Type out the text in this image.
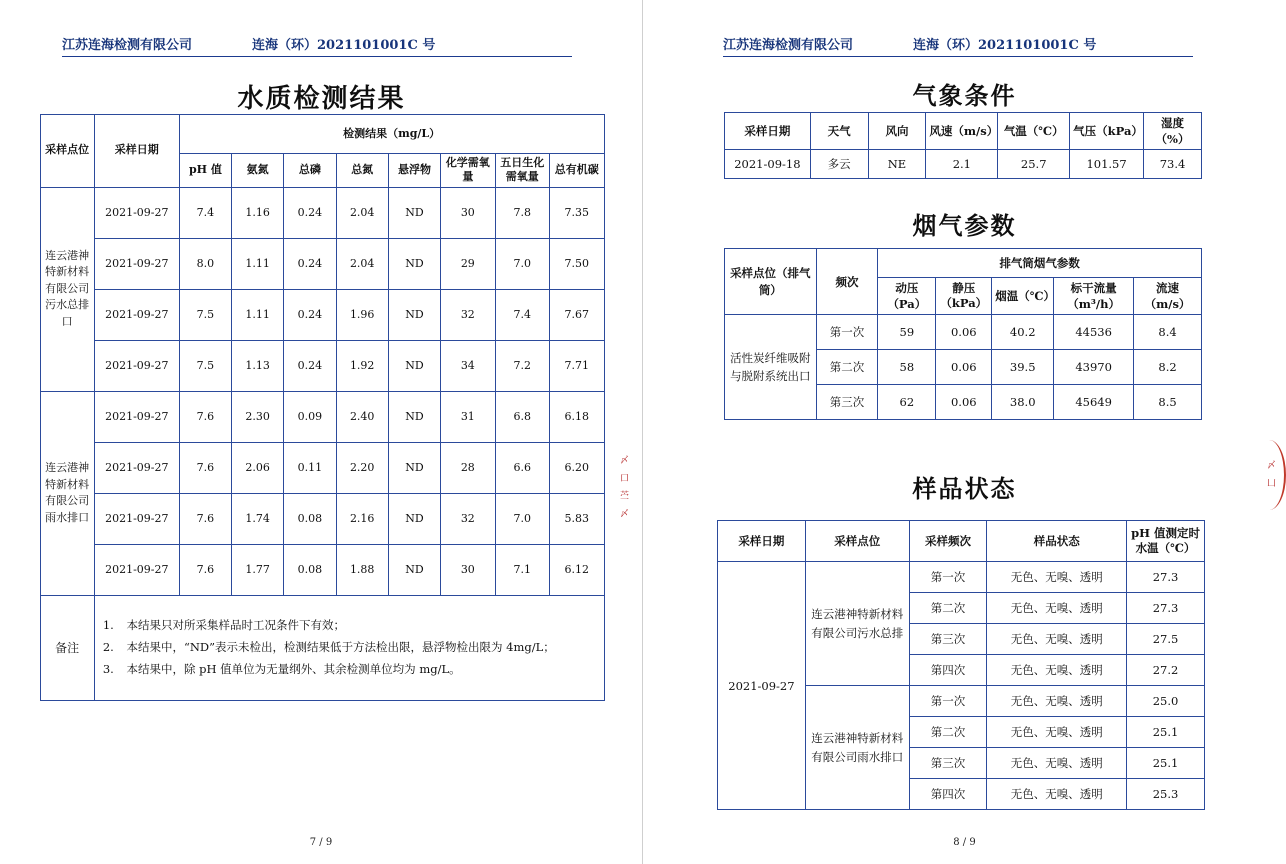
江苏连海检测有限公司	连海（环）2021101001C 号
水质检测结果
采样点位	采样日期	检测结果（mg/L）							
		pH 值	氨氮	总磷	总氮	悬浮物	化学需氧量	五日生化需氧量	总有机碳

连云港神特新材料有限公司污水总排口	2021-09-27	7.4	1.16	0.24	2.04	ND	30	7.8	7.35
	2021-09-27	8.0	1.11	0.24	2.04	ND	29	7.0	7.50
	2021-09-27	7.5	1.11	0.24	1.96	ND	32	7.4	7.67
	2021-09-27	7.5	1.13	0.24	1.92	ND	34	7.2	7.71
连云港神特新材料有限公司雨水排口	2021-09-27	7.6	2.30	0.09	2.40	ND	31	6.8	6.18
	2021-09-27	7.6	2.06	0.11	2.20	ND	28	6.6	6.20
	2021-09-27	7.6	1.74	0.08	2.16	ND	32	7.0	5.83
	2021-09-27	7.6	1.77	0.08	1.88	ND	30	7.1	6.12
备注	1. 本结果只对所采集样品时工况条件下有效；
2. 本结果中，“ND”表示未检出，检测结果低于方法检出限，悬浮物检出限为 4mg/L；
3. 本结果中，除 pH 值单位为无量纲外、其余检测单位均为 mg/L。								
〆 口 苎 〆
7 / 9
江苏连海检测有限公司	连海（环）2021101001C 号
气象条件
采样日期	天气	风向	风速（m/s）	气温（℃）	气压（kPa）	湿度（%）
2021-09-18	多云	NE	2.1	25.7	101.57	73.4
烟气参数
采样点位（排气筒）	频次	排气筒烟气参数				
		动压（Pa）	静压（kPa）	烟温（℃）	标干流量（m³/h）	流速（m/s）
活性炭纤维吸附与脱附系统出口	第一次	59	0.06	40.2	44536	8.4
	第二次	58	0.06	39.5	43970	8.2
	第三次	62	0.06	38.0	45649	8.5
样品状态
采样日期	采样点位	采样频次	样品状态	pH 值测定时水温（℃）
2021-09-27	连云港神特新材料有限公司污水总排	第一次	无色、无嗅、透明	27.3
		第二次	无色、无嗅、透明	27.3
		第三次	无色、无嗅、透明	27.5
		第四次	无色、无嗅、透明	27.2
	连云港神特新材料有限公司雨水排口	第一次	无色、无嗅、透明	25.0
		第二次	无色、无嗅、透明	25.1
		第三次	无色、无嗅、透明	25.1
		第四次	无色、无嗅、透明	25.3
〆 凵
8 / 9
